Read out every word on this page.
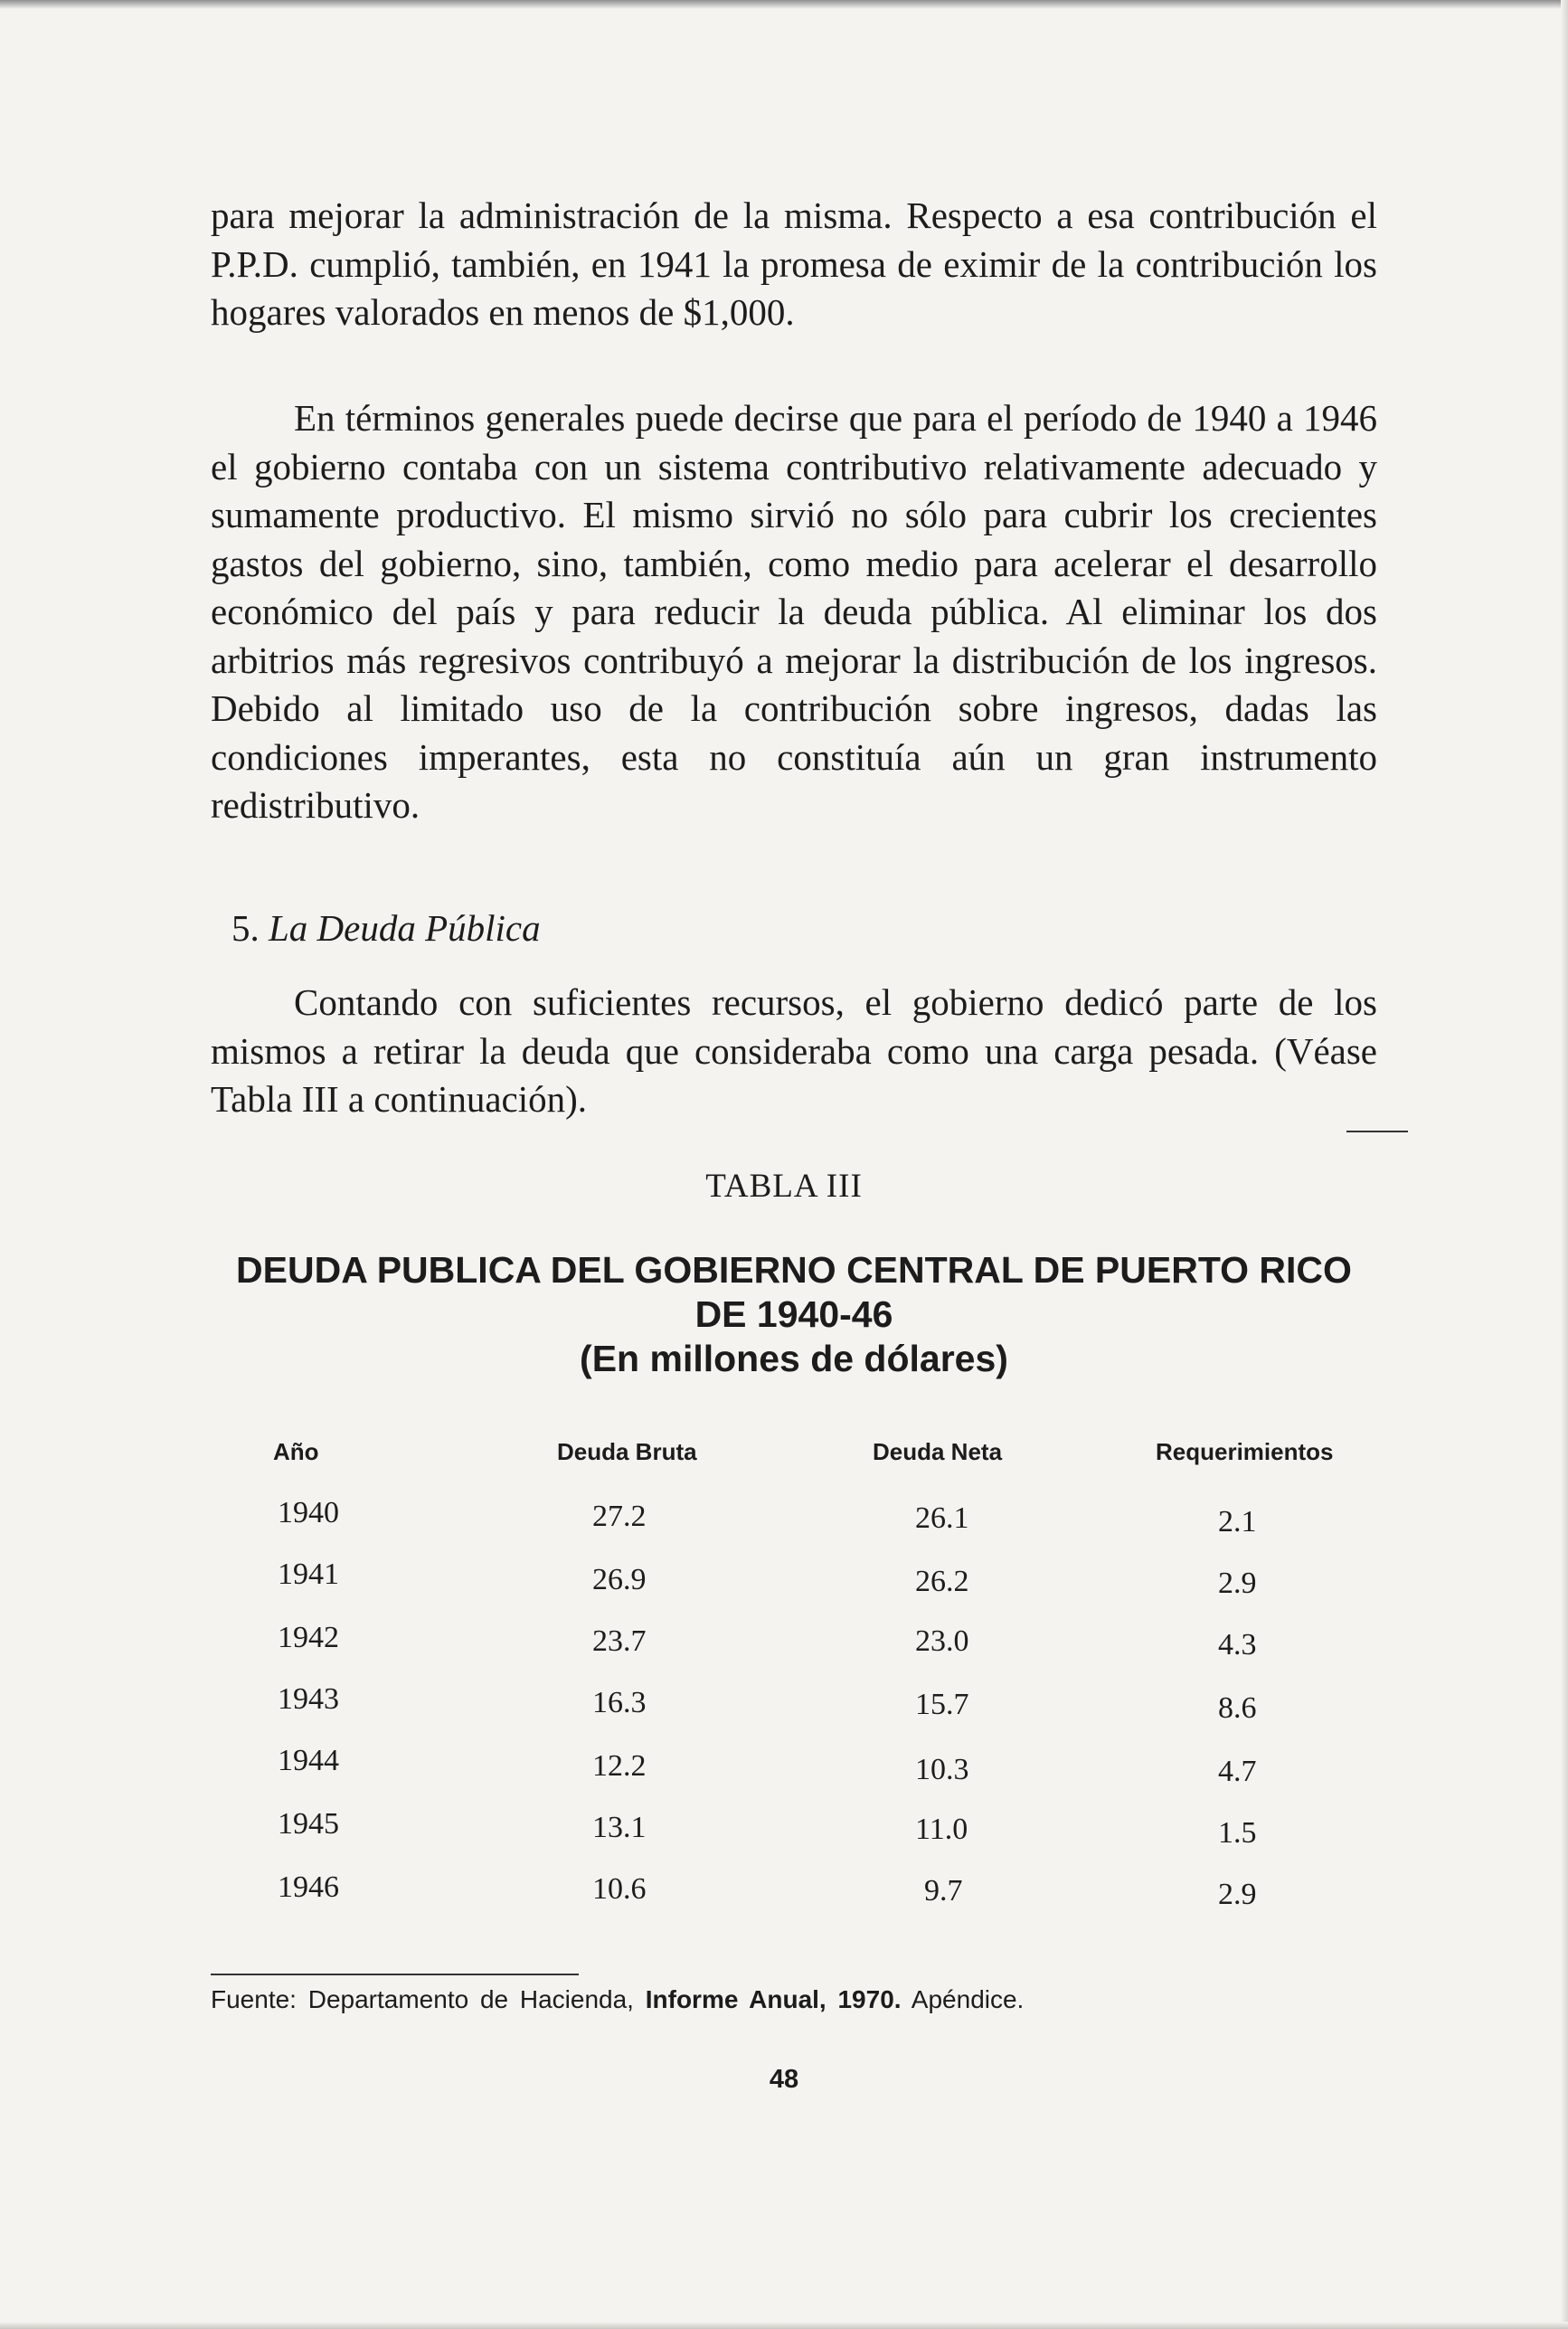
para mejorar la administración de la misma. Respecto a esa contribución el P.P.D. cumplió, también, en 1941 la promesa de eximir de la contribución los hogares valorados en menos de $1,000.

En términos generales puede decirse que para el período de 1940 a 1946 el gobierno contaba con un sistema contributivo relativamente adecuado y sumamente productivo. El mismo sirvió no sólo para cubrir los crecientes gastos del gobierno, sino, también, como medio para acelerar el desarrollo económico del país y para reducir la deuda pública. Al eliminar los dos arbitrios más regresivos contribuyó a mejorar la distribución de los ingresos. Debido al limitado uso de la contribución sobre ingresos, dadas las condiciones imperantes, esta no constituía aún un gran instrumento redistributivo.

5. La Deuda Pública

Contando con suficientes recursos, el gobierno dedicó parte de los mismos a retirar la deuda que consideraba como una carga pesada. (Véase Tabla III a continuación).

TABLA III
DEUDA PUBLICA DEL GOBIERNO CENTRAL DE PUERTO RICO
DE 1940-46
(En millones de dólares)
Año	Deuda Bruta	Deuda Neta	Requerimientos
1940	27.2	26.1	2.1
1941	26.9	26.2	2.9
1942	23.7	23.0	4.3
1943	16.3	15.7	8.6
1944	12.2	10.3	4.7
1945	13.1	11.0	1.5
1946	10.6	9.7	2.9
Fuente: Departamento de Hacienda, Informe Anual, 1970. Apéndice.
48
